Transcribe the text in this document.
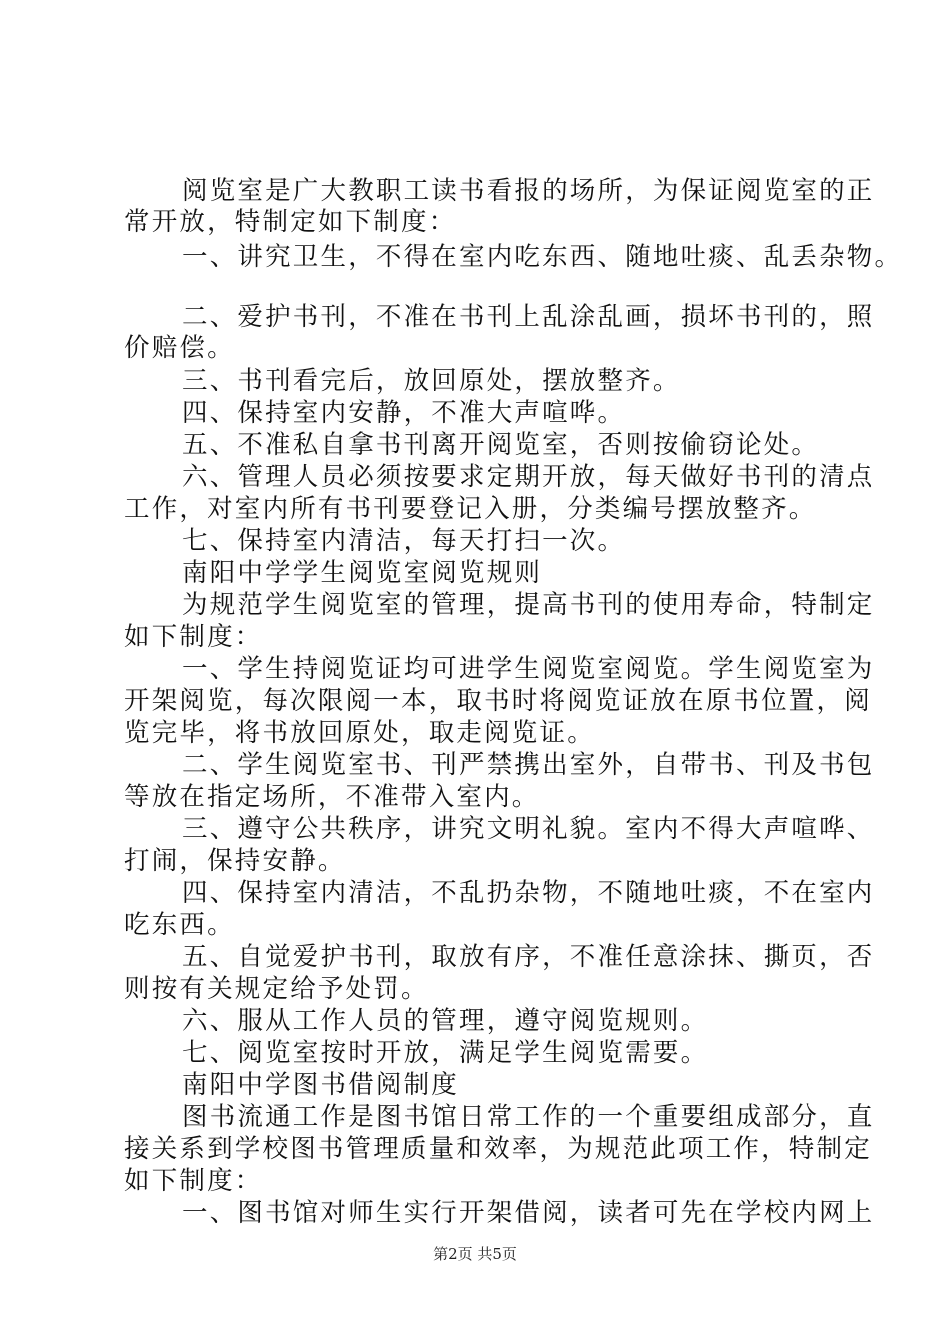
阅览室是广大教职工读书看报的场所，为保证阅览室的正
常开放，特制定如下制度：
一、讲究卫生，不得在室内吃东西、随地吐痰、乱丢杂物。
二、爱护书刊，不准在书刊上乱涂乱画，损坏书刊的，照
价赔偿。
三、书刊看完后，放回原处，摆放整齐。
四、保持室内安静，不准大声喧哗。
五、不准私自拿书刊离开阅览室，否则按偷窃论处。
六、管理人员必须按要求定期开放，每天做好书刊的清点
工作，对室内所有书刊要登记入册，分类编号摆放整齐。
七、保持室内清洁，每天打扫一次。
南阳中学学生阅览室阅览规则
为规范学生阅览室的管理，提高书刊的使用寿命，特制定
如下制度：
一、学生持阅览证均可进学生阅览室阅览。学生阅览室为
开架阅览，每次限阅一本，取书时将阅览证放在原书位置，阅
览完毕，将书放回原处，取走阅览证。
二、学生阅览室书、刊严禁携出室外，自带书、刊及书包
等放在指定场所，不准带入室内。
三、遵守公共秩序，讲究文明礼貌。室内不得大声喧哗、
打闹，保持安静。
四、保持室内清洁，不乱扔杂物，不随地吐痰，不在室内
吃东西。
五、自觉爱护书刊，取放有序，不准任意涂抹、撕页，否
则按有关规定给予处罚。
六、服从工作人员的管理，遵守阅览规则。
七、阅览室按时开放，满足学生阅览需要。
南阳中学图书借阅制度
图书流通工作是图书馆日常工作的一个重要组成部分，直
接关系到学校图书管理质量和效率，为规范此项工作，特制定
如下制度：
一、图书馆对师生实行开架借阅，读者可先在学校内网上
第2页 共5页
